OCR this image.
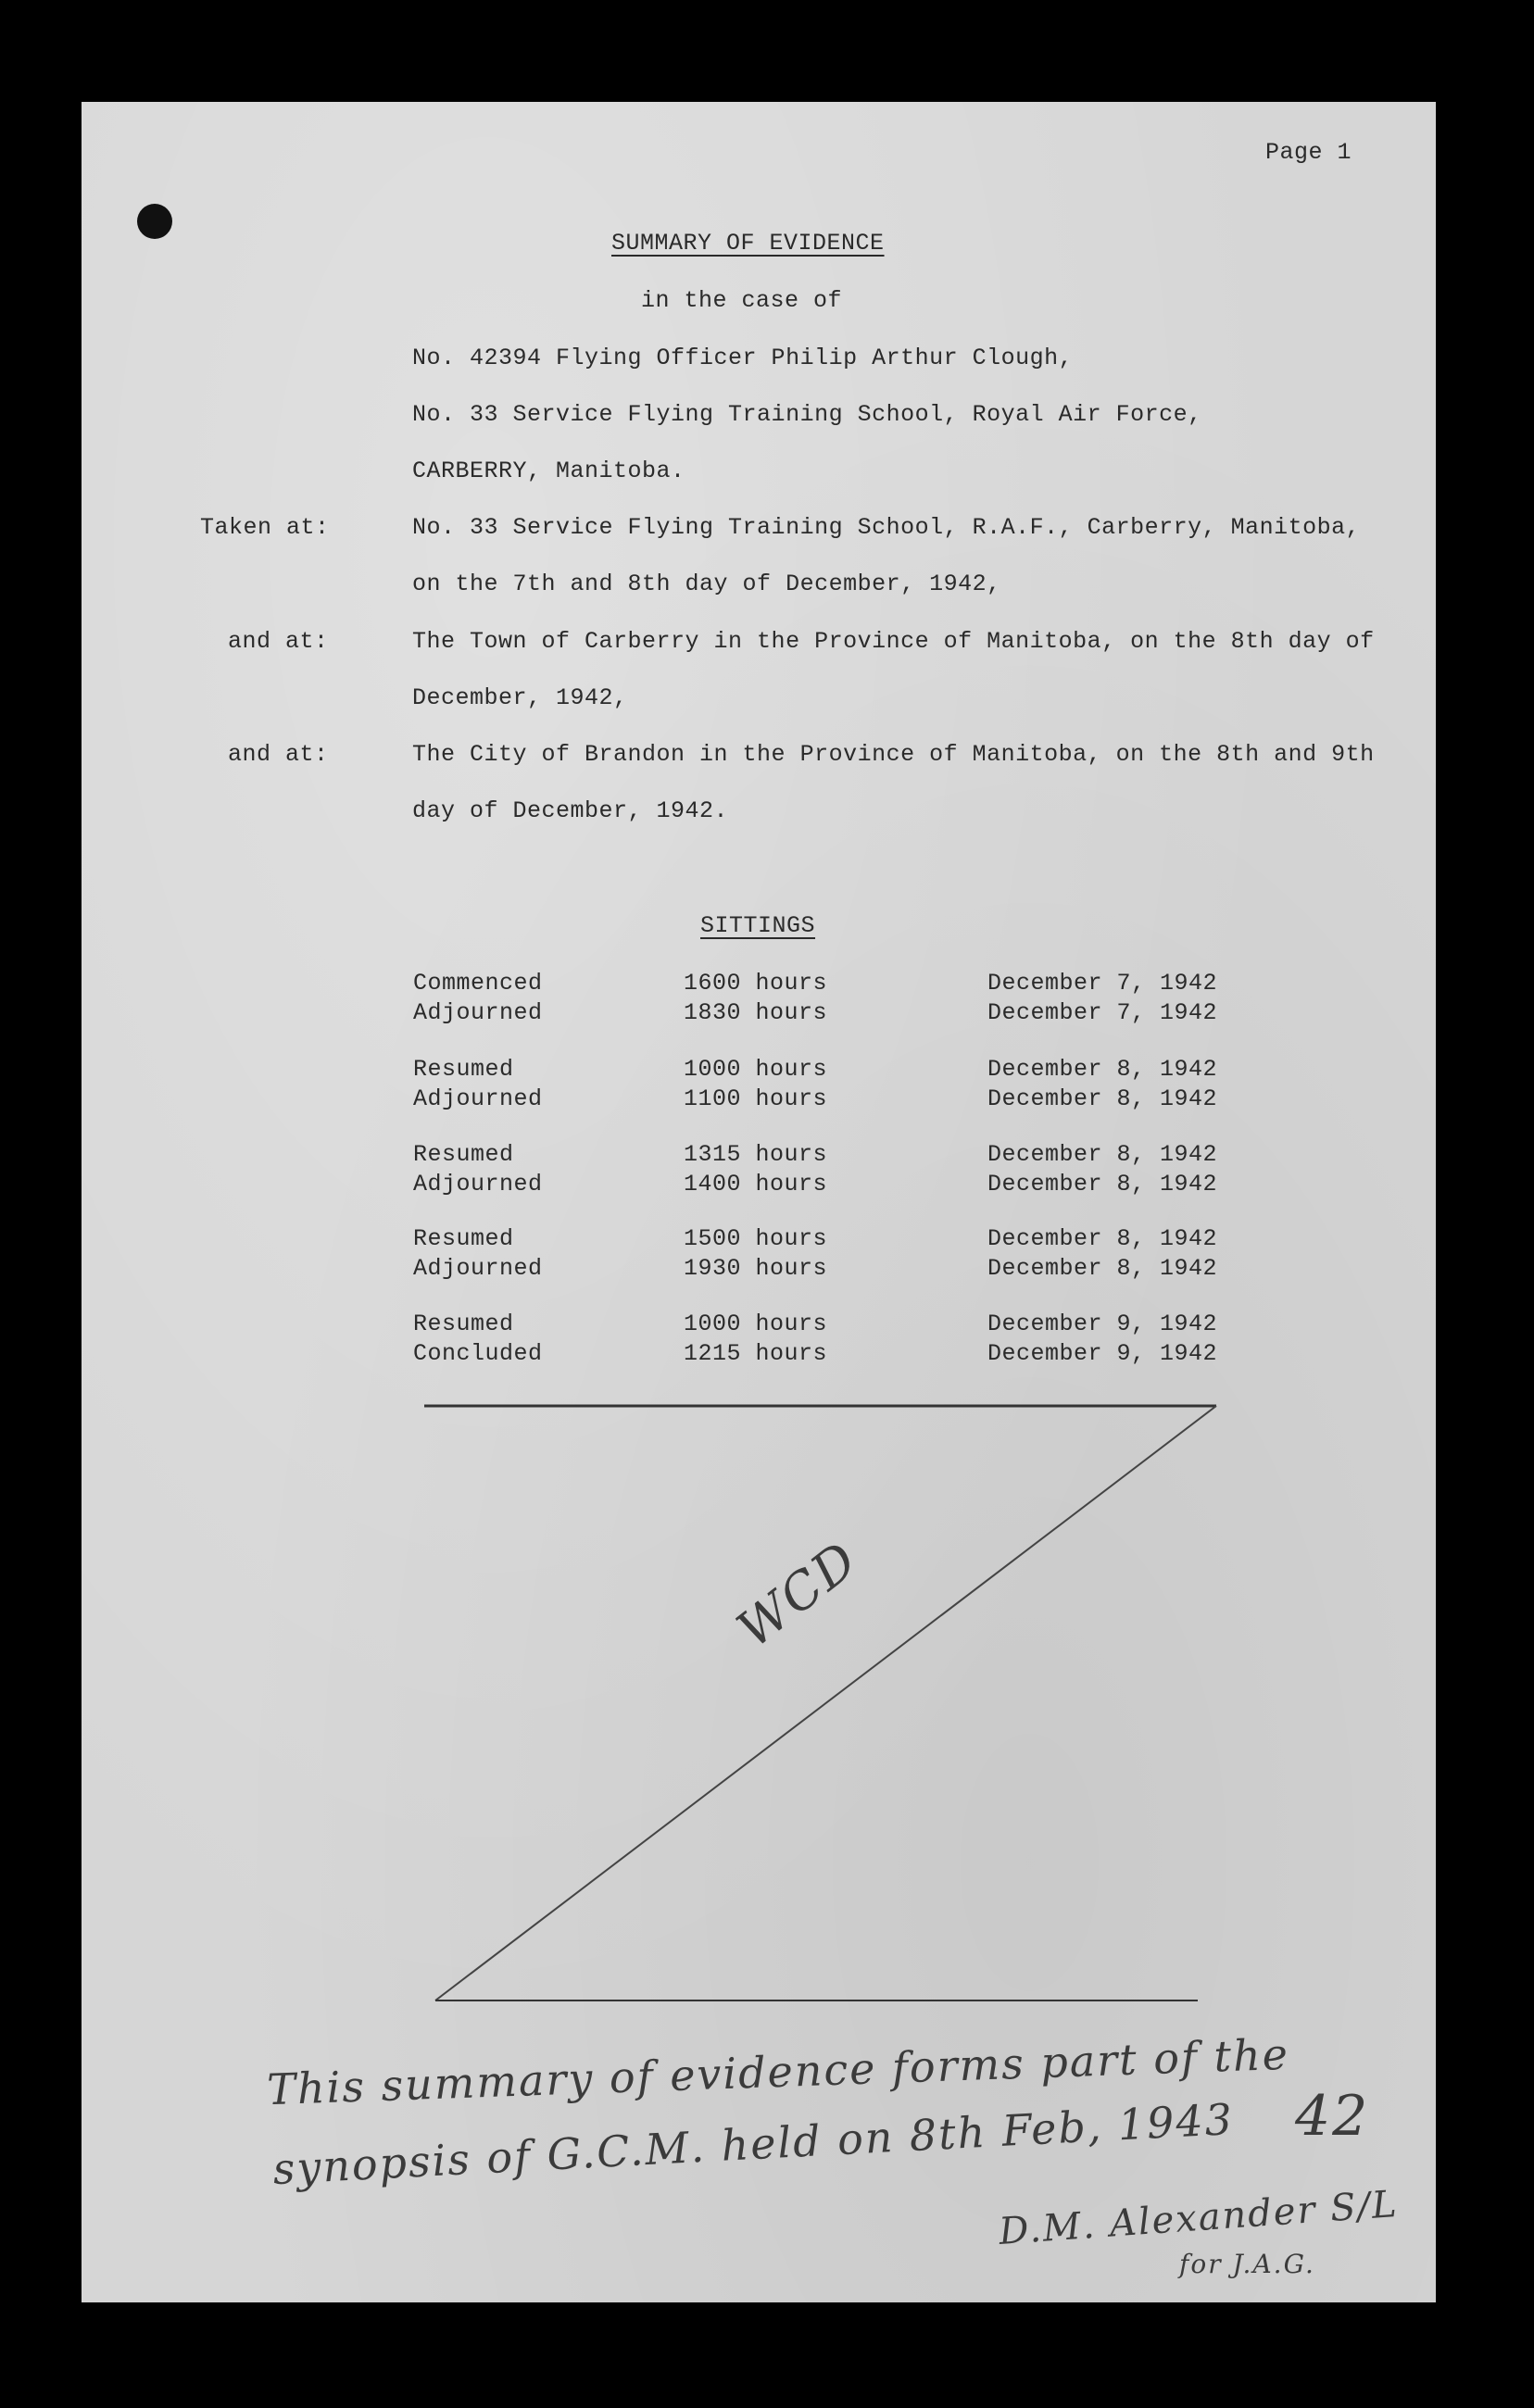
Page 1
SUMMARY OF EVIDENCE
in the case of
No. 42394 Flying Officer Philip Arthur Clough,
No. 33 Service Flying Training School, Royal Air Force,
CARBERRY, Manitoba.
Taken at:	No. 33 Service Flying Training School, R.A.F., Carberry, Manitoba,
on the 7th and 8th day of December, 1942,
and at:	The Town of Carberry in the Province of Manitoba, on the 8th day of
December, 1942,
and at:	The City of Brandon in the Province of Manitoba, on the 8th and 9th
day of December, 1942.
SITTINGS
Commenced	1600 hours	December 7, 1942
Adjourned	1830 hours	December 7, 1942
Resumed	1000 hours	December 8, 1942
Adjourned	1100 hours	December 8, 1942
Resumed	1315 hours	December 8, 1942
Adjourned	1400 hours	December 8, 1942
Resumed	1500 hours	December 8, 1942
Adjourned	1930 hours	December 8, 1942
Resumed	1000 hours	December 9, 1942
Concluded	1215 hours	December 9, 1942
WCD
This summary of evidence forms part of the
synopsis of G.C.M. held on 8th Feb, 1943 42
D.M. Alexander S/L
for J.A.G.
